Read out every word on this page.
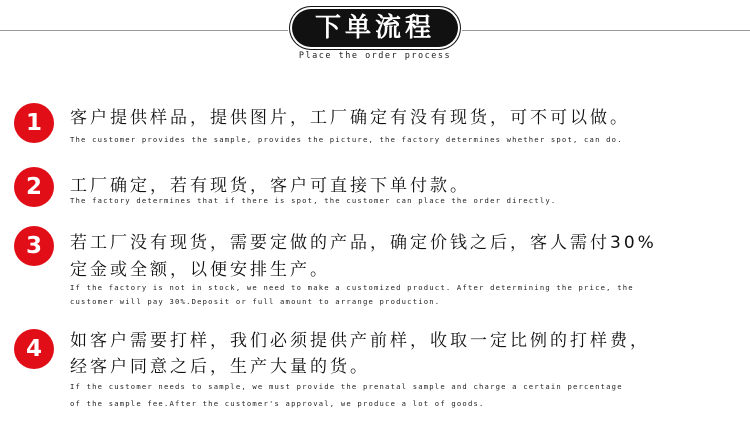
下单流程
Place the order process
1	客户提供样品，提供图片，工厂确定有没有现货，可不可以做。
The customer provides the sample, provides the picture, the factory determines whether spot, can do.
2	工厂确定，若有现货，客户可直接下单付款。
The factory determines that if there is spot, the customer can place the order directly.
3	若工厂没有现货，需要定做的产品，确定价钱之后，客人需付30%
定金或全额，以便安排生产。
If the factory is not in stock, we need to make a customized product. After determining the price, the
customer will pay 30%.Deposit or full amount to arrange production.
4	如客户需要打样，我们必须提供产前样，收取一定比例的打样费，
经客户同意之后，生产大量的货。
If the customer needs to sample, we must provide the prenatal sample and charge a certain percentage
of the sample fee.After the customer's approval, we produce a lot of goods.
